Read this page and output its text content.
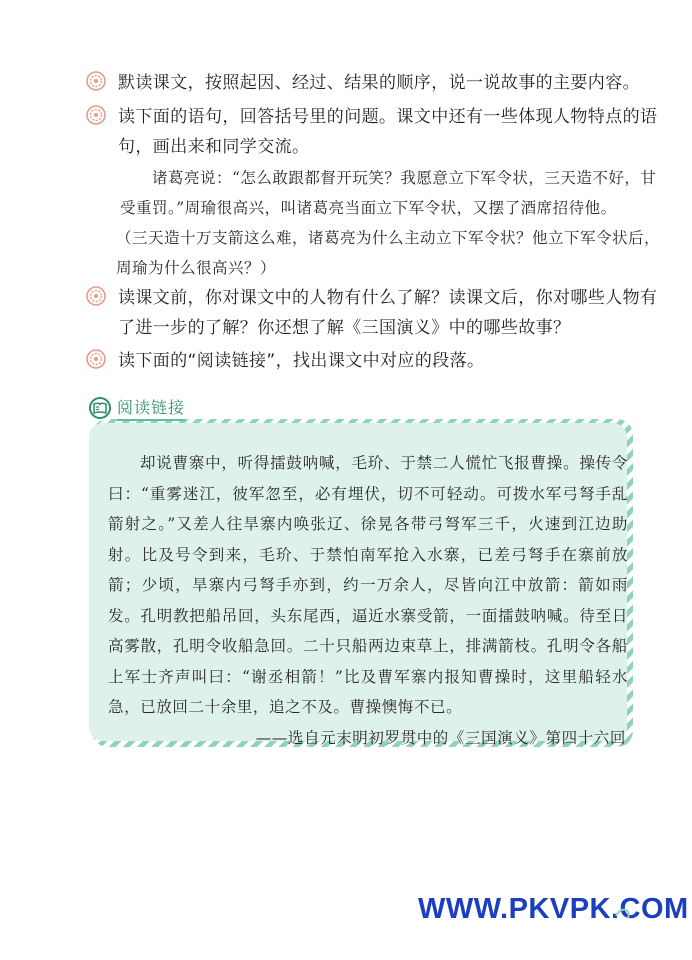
默读课文，按照起因、经过、结果的顺序，说一说故事的主要内容。
读下面的语句，回答括号里的问题。课文中还有一些体现人物特点的语句，画出来和同学交流。

诸葛亮说：“怎么敢跟都督开玩笑？我愿意立下军令状，三天造不好，甘受重罚。”周瑜很高兴，叫诸葛亮当面立下军令状，又摆了酒席招待他。

（三天造十万支箭这么难，诸葛亮为什么主动立下军令状？他立下军令状后，周瑜为什么很高兴？）

读课文前，你对课文中的人物有什么了解？读课文后，你对哪些人物有了进一步的了解？你还想了解《三国演义》中的哪些故事？
读下面的“阅读链接”，找出课文中对应的段落。
阅读链接

却说曹寨中，听得擂鼓呐喊，毛玠、于禁二人慌忙飞报曹操。操传令曰：“重雾迷江，彼军忽至，必有埋伏，切不可轻动。可拨水军弓弩手乱箭射之。”又差人往旱寨内唤张辽、徐晃各带弓弩军三千，火速到江边助射。比及号令到来，毛玠、于禁怕南军抢入水寨，已差弓弩手在寨前放箭；少顷，旱寨内弓弩手亦到，约一万余人，尽皆向江中放箭：箭如雨发。孔明教把船吊回，头东尾西，逼近水寨受箭，一面擂鼓呐喊。待至日高雾散，孔明令收船急回。二十只船两边束草上，排满箭枝。孔明令各船上军士齐声叫曰：“谢丞相箭！”比及曹军寨内报知曹操时，这里船轻水急，已放回二十余里，追之不及。曹操懊悔不已。

——选自元末明初罗贯中的《三国演义》第四十六回

WWW.PKVPK.COM
